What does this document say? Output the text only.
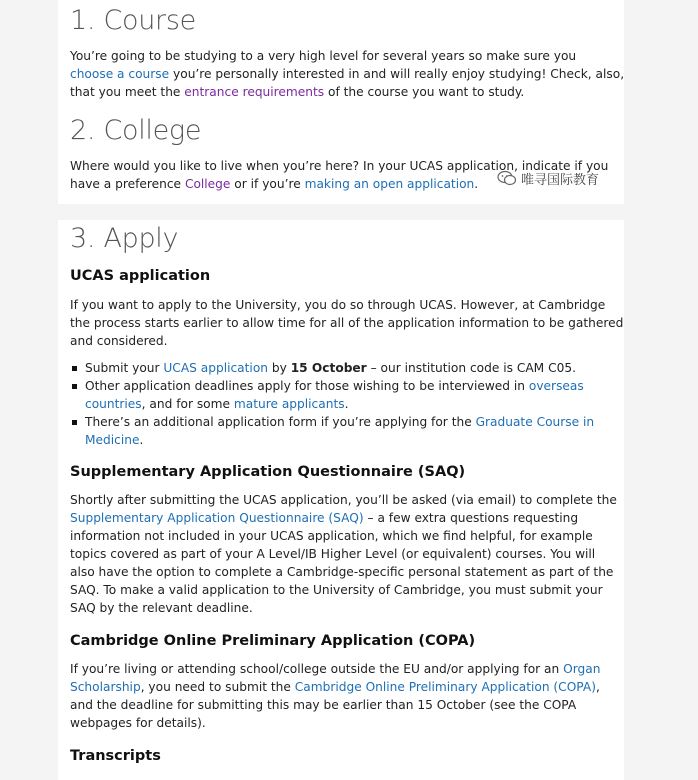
1. Course

You’re going to be studying to a very high level for several years so make sure you

choose a course you’re personally interested in and will really enjoy studying! Check, also,

that you meet the entrance requirements of the course you want to study.

2. College

Where would you like to live when you’re here? In your UCAS application, indicate if you

have a preference College or if you’re making an open application.	唯寻国际教育
3. Apply
UCAS application

If you want to apply to the University, you do so through UCAS. However, at Cambridge

the process starts earlier to allow time for all of the application information to be gathered

and considered.

Submit your UCAS application by 15 October – our institution code is CAM C05.
Other application deadlines apply for those wishing to be interviewed in overseas
countries, and for some mature applicants.
There’s an additional application form if you’re applying for the Graduate Course in
Medicine.
Supplementary Application Questionnaire (SAQ)

Shortly after submitting the UCAS application, you’ll be asked (via email) to complete the

Supplementary Application Questionnaire (SAQ) – a few extra questions requesting

information not included in your UCAS application, which we find helpful, for example

topics covered as part of your A Level/IB Higher Level (or equivalent) courses. You will

also have the option to complete a Cambridge-specific personal statement as part of the

SAQ. To make a valid application to the University of Cambridge, you must submit your

SAQ by the relevant deadline.

Cambridge Online Preliminary Application (COPA)

If you’re living or attending school/college outside the EU and/or applying for an Organ

Scholarship, you need to submit the Cambridge Online Preliminary Application (COPA),

and the deadline for submitting this may be earlier than 15 October (see the COPA

webpages for details).

Transcripts
